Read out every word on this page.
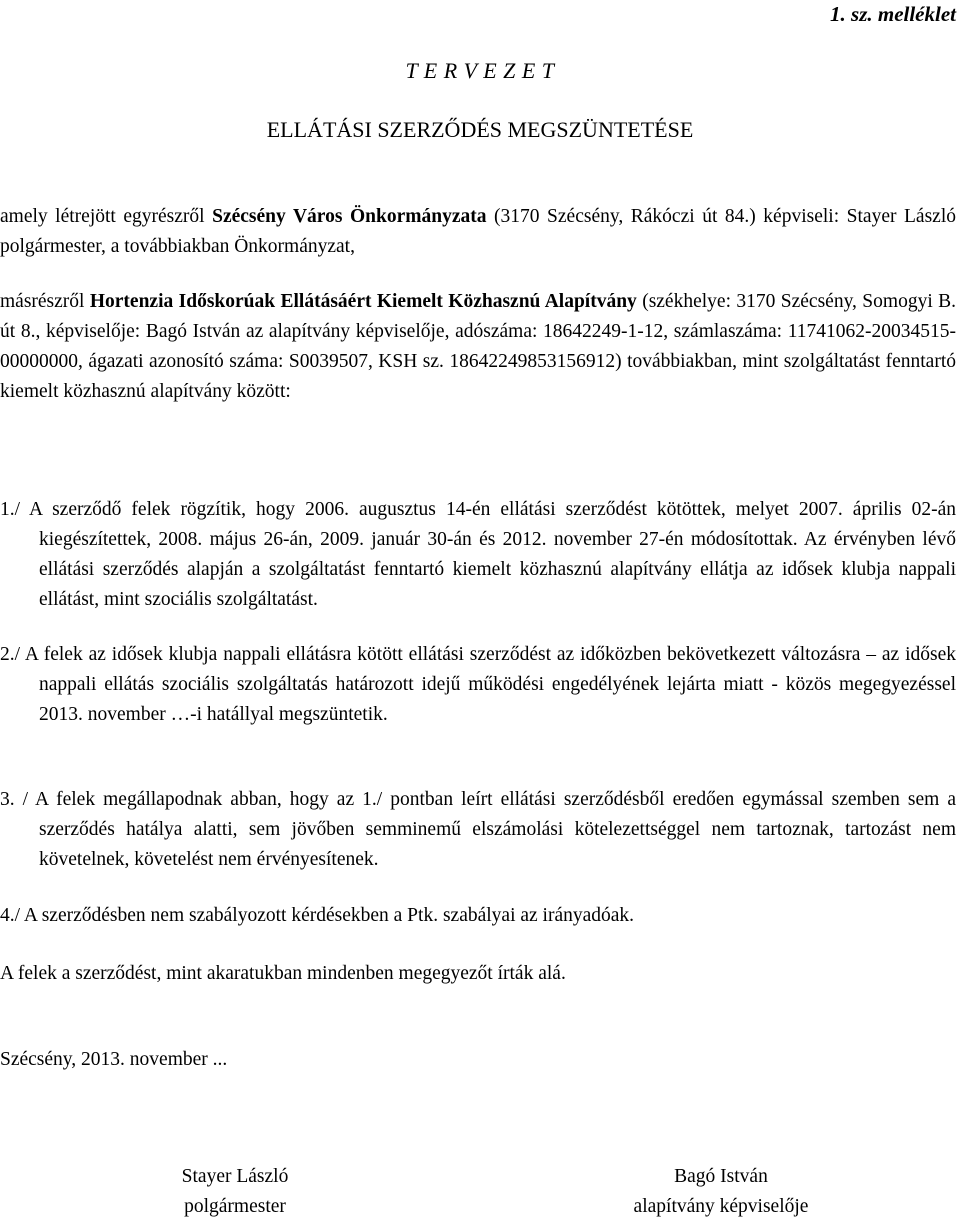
1. sz. melléklet
T E R V E Z E T
ELLÁTÁSI SZERZŐDÉS MEGSZÜNTETÉSE

amely létrejött egyrészről Szécsény Város Önkormányzata (3170 Szécsény, Rákóczi út 84.) képviseli: Stayer László polgármester, a továbbiakban Önkormányzat,

másrészről Hortenzia Időskorúak Ellátásáért Kiemelt Közhasznú Alapítvány (székhelye: 3170 Szécsény, Somogyi B. út 8., képviselője: Bagó István az alapítvány képviselője, adószáma: 18642249-1-12, számlaszáma: 11741062-20034515-00000000, ágazati azonosító száma: S0039507, KSH sz. 18642249853156912) továbbiakban, mint szolgáltatást fenntartó kiemelt közhasznú alapítvány között:

1./ A szerződő felek rögzítik, hogy 2006. augusztus 14-én ellátási szerződést kötöttek, melyet 2007. április 02-án kiegészítettek, 2008. május 26-án, 2009. január 30-án és 2012. november 27-én módosítottak. Az érvényben lévő ellátási szerződés alapján a szolgáltatást fenntartó kiemelt közhasznú alapítvány ellátja az idősek klubja nappali ellátást, mint szociális szolgáltatást.

2./ A felek az idősek klubja nappali ellátásra kötött ellátási szerződést az időközben bekövetkezett változásra – az idősek nappali ellátás szociális szolgáltatás határozott idejű működési engedélyének lejárta miatt - közös megegyezéssel 2013. november …-i hatállyal megszüntetik.

3. / A felek megállapodnak abban, hogy az 1./ pontban leírt ellátási szerződésből eredően egymással szemben sem a szerződés hatálya alatti, sem jövőben semminemű elszámolási kötelezettséggel nem tartoznak, tartozást nem követelnek, követelést nem érvényesítenek.

4./ A szerződésben nem szabályozott kérdésekben a Ptk. szabályai az irányadóak.

A felek a szerződést, mint akaratukban mindenben megegyezőt írták alá.

Szécsény, 2013. november ...

Stayer László
polgármester
Bagó István
alapítvány képviselője
